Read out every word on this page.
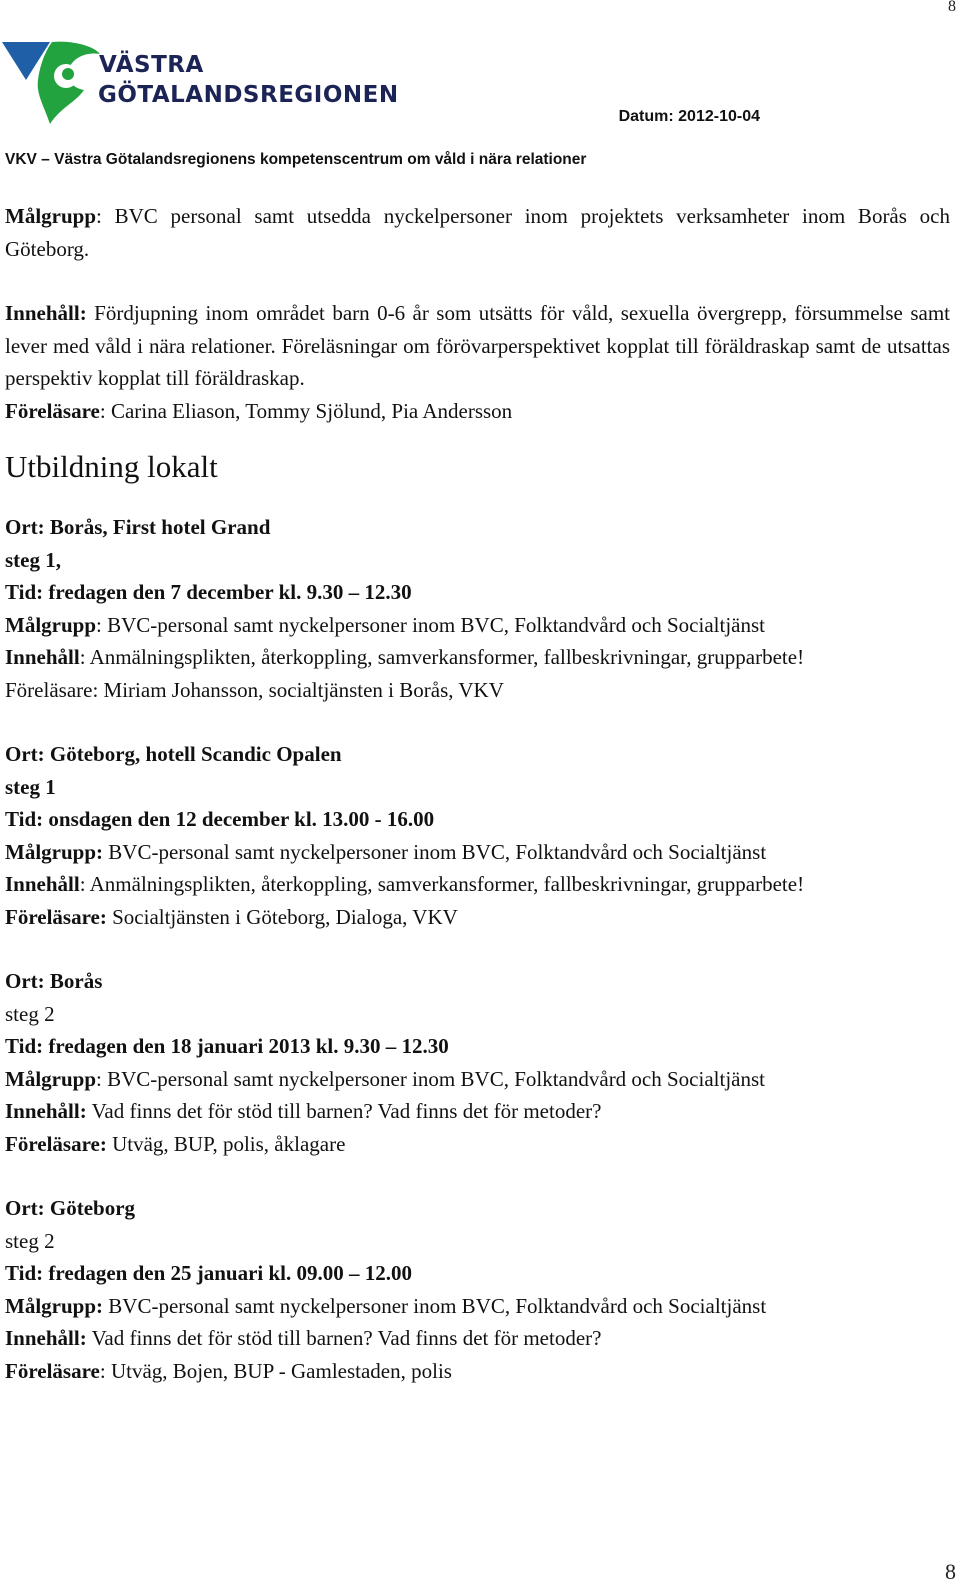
8
VÄSTRA
GÖTALANDSREGIONEN
Datum: 2012-10-04
VKV – Västra Götalandsregionens kompetenscentrum om våld i nära relationer

Målgrupp: BVC personal samt utsedda nyckelpersoner inom projektets verksamheter inom Borås och Göteborg.

Innehåll: Fördjupning inom området barn 0-6 år som utsätts för våld, sexuella övergrepp, försummelse samt lever med våld i nära relationer. Föreläsningar om förövarperspektivet kopplat till föräldraskap samt de utsattas perspektiv kopplat till föräldraskap.

Föreläsare: Carina Eliason, Tommy Sjölund, Pia Andersson

Utbildning lokalt
Ort: Borås, First hotel Grand
steg 1,
Tid: fredagen den 7 december kl. 9.30 – 12.30
Målgrupp: BVC-personal samt nyckelpersoner inom BVC, Folktandvård och Socialtjänst
Innehåll: Anmälningsplikten, återkoppling, samverkansformer, fallbeskrivningar, grupparbete!
Föreläsare: Miriam Johansson, socialtjänsten i Borås, VKV
Ort: Göteborg, hotell Scandic Opalen
steg 1
Tid: onsdagen den 12 december kl. 13.00 - 16.00
Målgrupp: BVC-personal samt nyckelpersoner inom BVC, Folktandvård och Socialtjänst
Innehåll: Anmälningsplikten, återkoppling, samverkansformer, fallbeskrivningar, grupparbete!
Föreläsare: Socialtjänsten i Göteborg, Dialoga, VKV
Ort: Borås
steg 2
Tid: fredagen den 18 januari 2013 kl. 9.30 – 12.30
Målgrupp: BVC-personal samt nyckelpersoner inom BVC, Folktandvård och Socialtjänst
Innehåll: Vad finns det för stöd till barnen? Vad finns det för metoder?
Föreläsare: Utväg, BUP, polis, åklagare
Ort: Göteborg
steg 2
Tid: fredagen den 25 januari kl. 09.00 – 12.00
Målgrupp: BVC-personal samt nyckelpersoner inom BVC, Folktandvård och Socialtjänst
Innehåll: Vad finns det för stöd till barnen? Vad finns det för metoder?
Föreläsare: Utväg, Bojen, BUP - Gamlestaden, polis
8
